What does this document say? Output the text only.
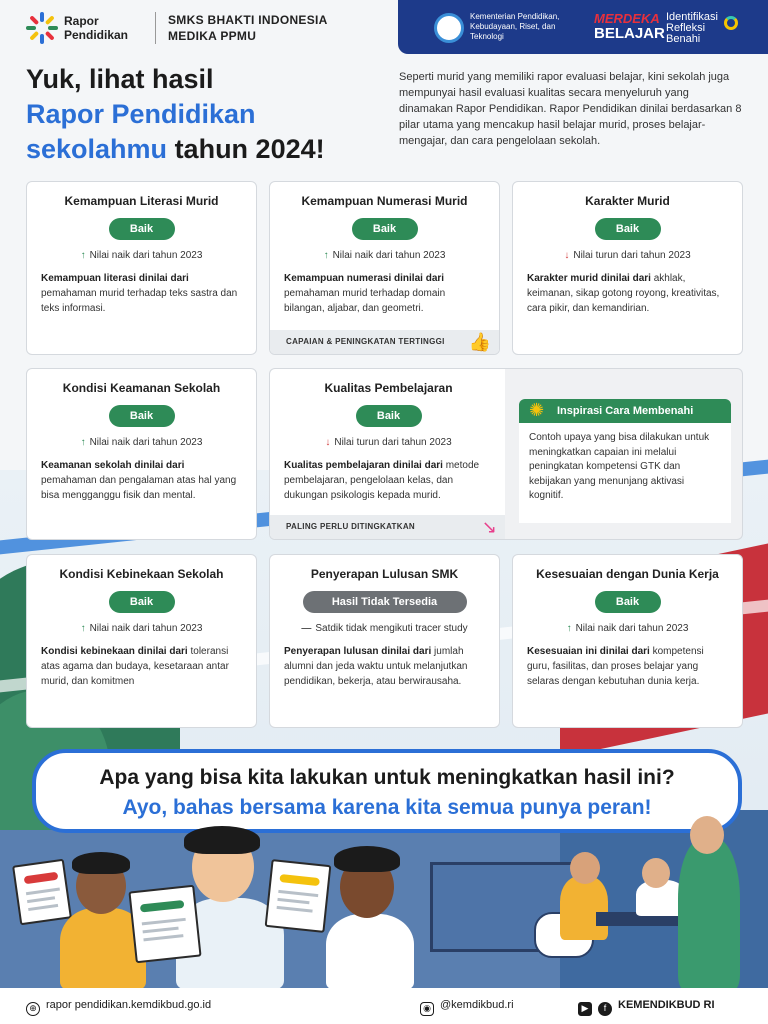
Rapor Pendidikan
SMKS BHAKTI INDONESIA
MEDIKA PPMU
Kementerian Pendidikan, Kebudayaan, Riset, dan Teknologi
MERDEKA
BELAJAR
Identifikasi
Refleksi
Benahi
Yuk, lihat hasil
Rapor Pendidikan
sekolahmu tahun 2024!
Seperti murid yang memiliki rapor evaluasi belajar, kini sekolah juga mempunyai hasil evaluasi kualitas secara menyeluruh yang dinamakan Rapor Pendidikan. Rapor Pendidikan dinilai berdasarkan 8 pilar utama yang mencakup hasil belajar murid, proses belajar-mengajar, dan cara pengelolaan sekolah.
Kemampuan Literasi Murid
Baik
↑ Nilai naik dari tahun 2023
Kemampuan literasi dinilai dari pemahaman murid terhadap teks sastra dan teks informasi.
Kemampuan Numerasi Murid
Baik
↑ Nilai naik dari tahun 2023
Kemampuan numerasi dinilai dari pemahaman murid terhadap domain bilangan, aljabar, dan geometri.
CAPAIAN & PENINGKATAN TERTINGGI	👍
Karakter Murid
Baik
↓ Nilai turun dari tahun 2023
Karakter murid dinilai dari akhlak, keimanan, sikap gotong royong, kreativitas, cara pikir, dan kemandirian.
Kondisi Keamanan Sekolah
Baik
↑ Nilai naik dari tahun 2023
Keamanan sekolah dinilai dari pemahaman dan pengalaman atas hal yang bisa mengganggu fisik dan mental.
Kualitas Pembelajaran
Baik
↓ Nilai turun dari tahun 2023
Kualitas pembelajaran dinilai dari metode pembelajaran, pengelolaan kelas, dan dukungan psikologis kepada murid.
PALING PERLU DITINGKATKAN	↘
✺ Inspirasi Cara Membenahi
Contoh upaya yang bisa dilakukan untuk meningkatkan capaian ini melalui peningkatan kompetensi GTK dan kebijakan yang menunjang aktivasi kognitif.
Kondisi Kebinekaan Sekolah
Baik
↑ Nilai naik dari tahun 2023
Kondisi kebinekaan dinilai dari toleransi atas agama dan budaya, kesetaraan antar murid, dan komitmen
Penyerapan Lulusan SMK
Hasil Tidak Tersedia
— Satdik tidak mengikuti tracer study
Penyerapan lulusan dinilai dari jumlah alumni dan jeda waktu untuk melanjutkan pendidikan, bekerja, atau berwirausaha.
Kesesuaian dengan Dunia Kerja
Baik
↑ Nilai naik dari tahun 2023
Kesesuaian ini dinilai dari kompetensi guru, fasilitas, dan proses belajar yang selaras dengan kebutuhan dunia kerja.
Apa yang bisa kita lakukan untuk meningkatkan hasil ini?
Ayo, bahas bersama karena kita semua punya peran!
⊕ rapor pendidikan.kemdikbud.go.id	◉ @kemdikbud.ri	▶ f KEMENDIKBUD RI
